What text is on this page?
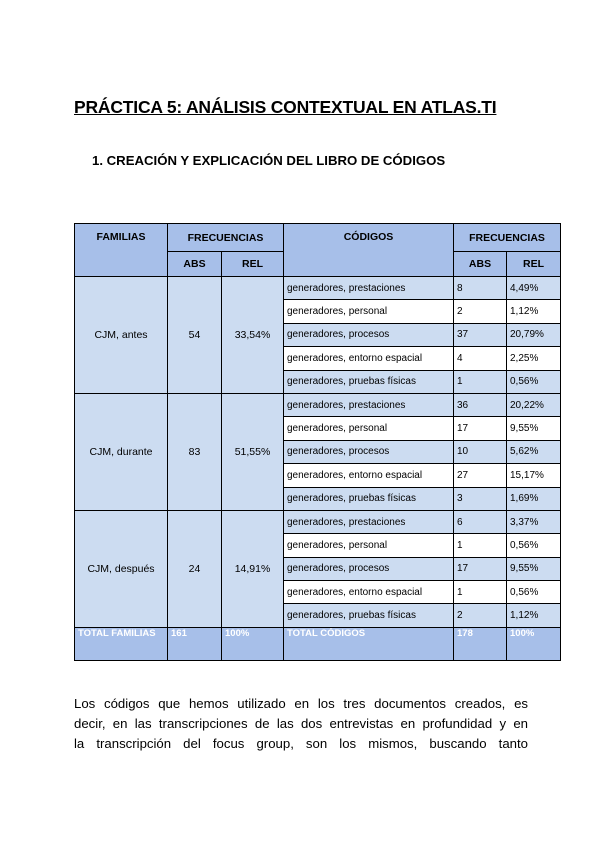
PRÁCTICA 5: ANÁLISIS CONTEXTUAL EN ATLAS.TI
1. CREACIÓN Y EXPLICACIÓN DEL LIBRO DE CÓDIGOS
FAMILIAS	FRECUENCIAS		CÓDIGOS	FRECUENCIAS	
	ABS	REL		ABS	REL
CJM, antes	54	33,54%	generadores, prestaciones	8	4,49%
			generadores, personal	2	1,12%
			generadores, procesos	37	20,79%
			generadores, entorno espacial	4	2,25%
			generadores, pruebas físicas	1	0,56%
CJM, durante	83	51,55%	generadores, prestaciones	36	20,22%
			generadores, personal	17	9,55%
			generadores, procesos	10	5,62%
			generadores, entorno espacial	27	15,17%
			generadores, pruebas físicas	3	1,69%
CJM, después	24	14,91%	generadores, prestaciones	6	3,37%
			generadores, personal	1	0,56%
			generadores, procesos	17	9,55%
			generadores, entorno espacial	1	0,56%
			generadores, pruebas físicas	2	1,12%
TOTAL FAMILIAS	161	100%	TOTAL CÓDIGOS	178	100%
Los códigos que hemos utilizado en los tres documentos creados, es
decir, en las transcripciones de las dos entrevistas en profundidad y en
la transcripción del focus group, son los mismos, buscando tanto
